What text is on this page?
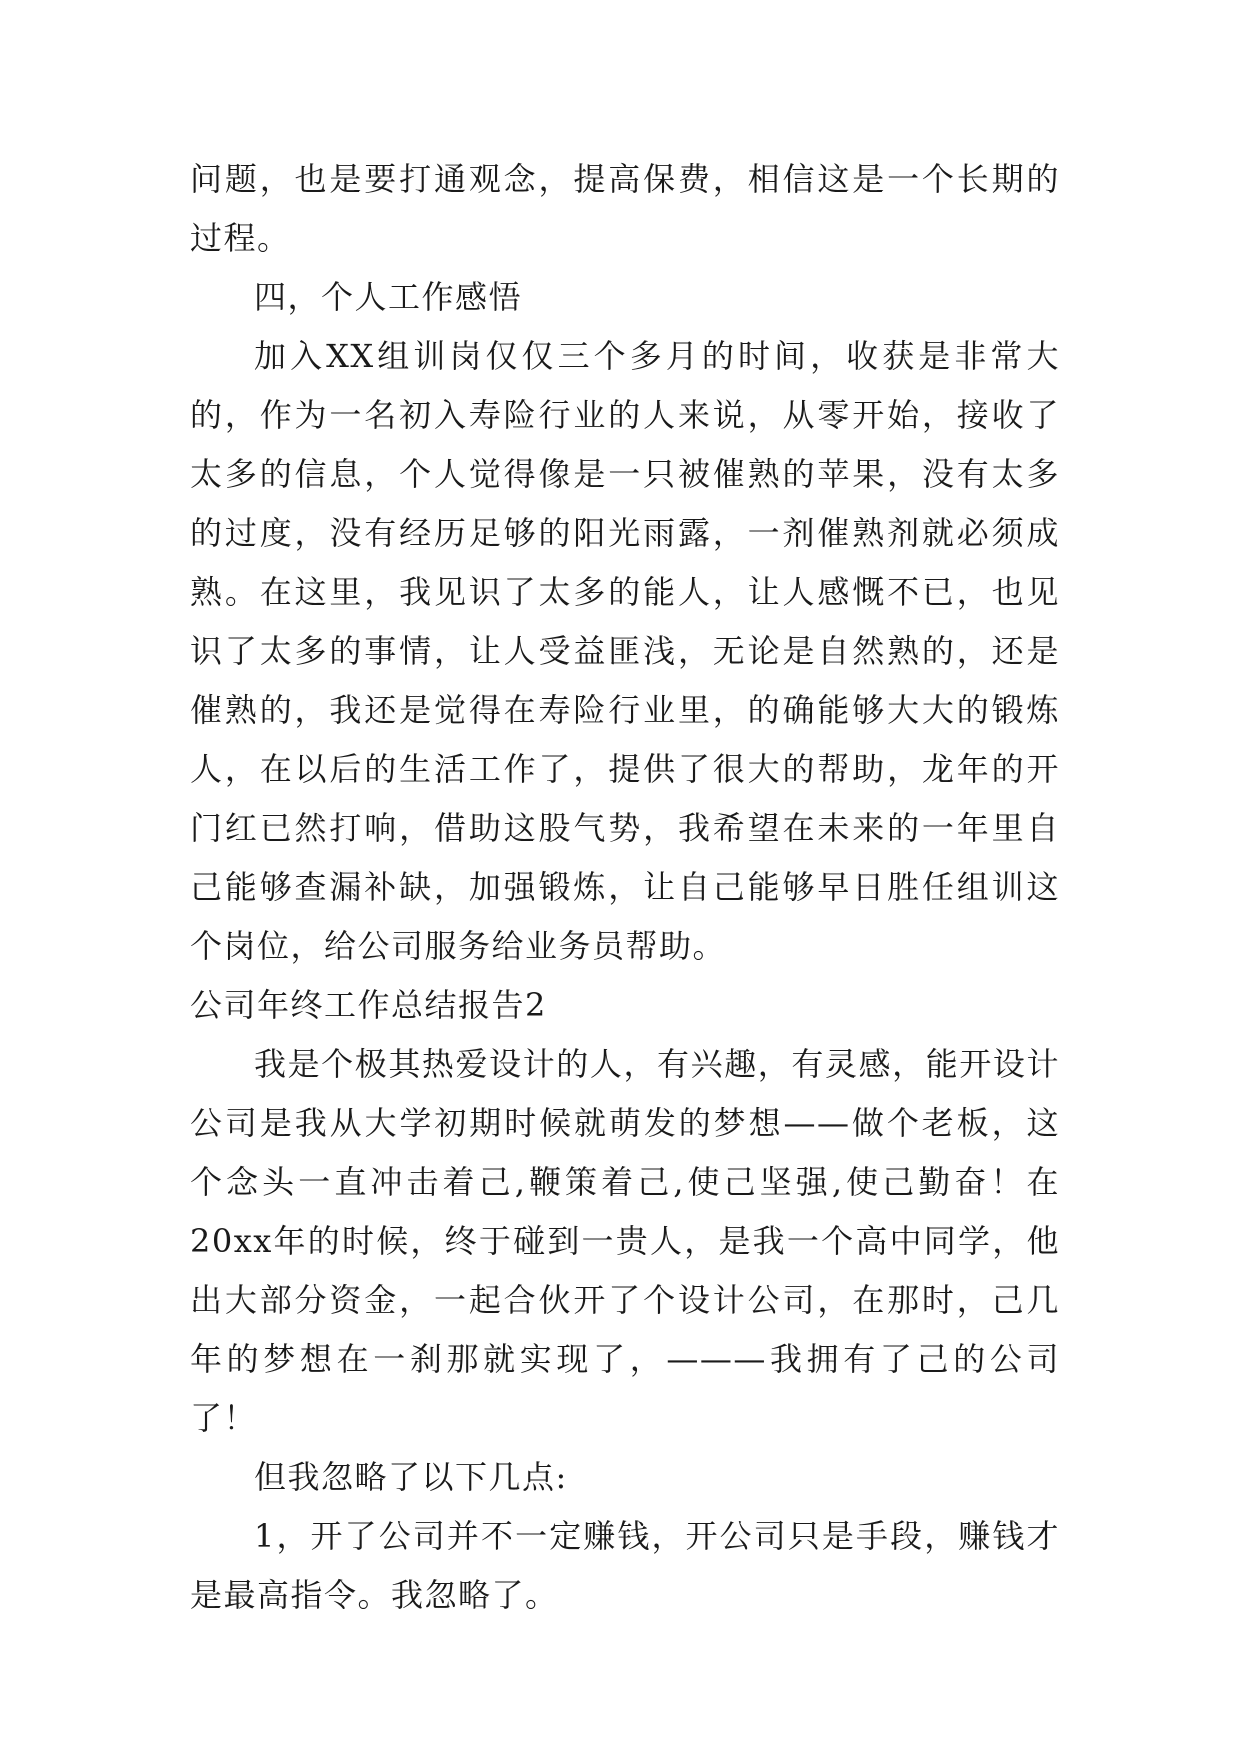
问题，也是要打通观念，提高保费，相信这是一个长期的过程。

四，个人工作感悟

加入XX组训岗仅仅三个多月的时间，收获是非常大的，作为一名初入寿险行业的人来说，从零开始，接收了太多的信息，个人觉得像是一只被催熟的苹果，没有太多的过度，没有经历足够的阳光雨露，一剂催熟剂就必须成熟。在这里，我见识了太多的能人，让人感慨不已，也见识了太多的事情，让人受益匪浅，无论是自然熟的，还是催熟的，我还是觉得在寿险行业里，的确能够大大的锻炼人，在以后的生活工作了，提供了很大的帮助，龙年的开门红已然打响，借助这股气势，我希望在未来的一年里自己能够查漏补缺，加强锻炼，让自己能够早日胜任组训这个岗位，给公司服务给业务员帮助。

公司年终工作总结报告2

我是个极其热爱设计的人，有兴趣，有灵感，能开设计公司是我从大学初期时候就萌发的梦想——做个老板，这个念头一直冲击着己,鞭策着己,使己坚强,使己勤奋！在20xx年的时候，终于碰到一贵人，是我一个高中同学，他出大部分资金，一起合伙开了个设计公司，在那时，己几年的梦想在一刹那就实现了，———我拥有了己的公司了！

但我忽略了以下几点:

1，开了公司并不一定赚钱，开公司只是手段，赚钱才是最高指令。我忽略了。
